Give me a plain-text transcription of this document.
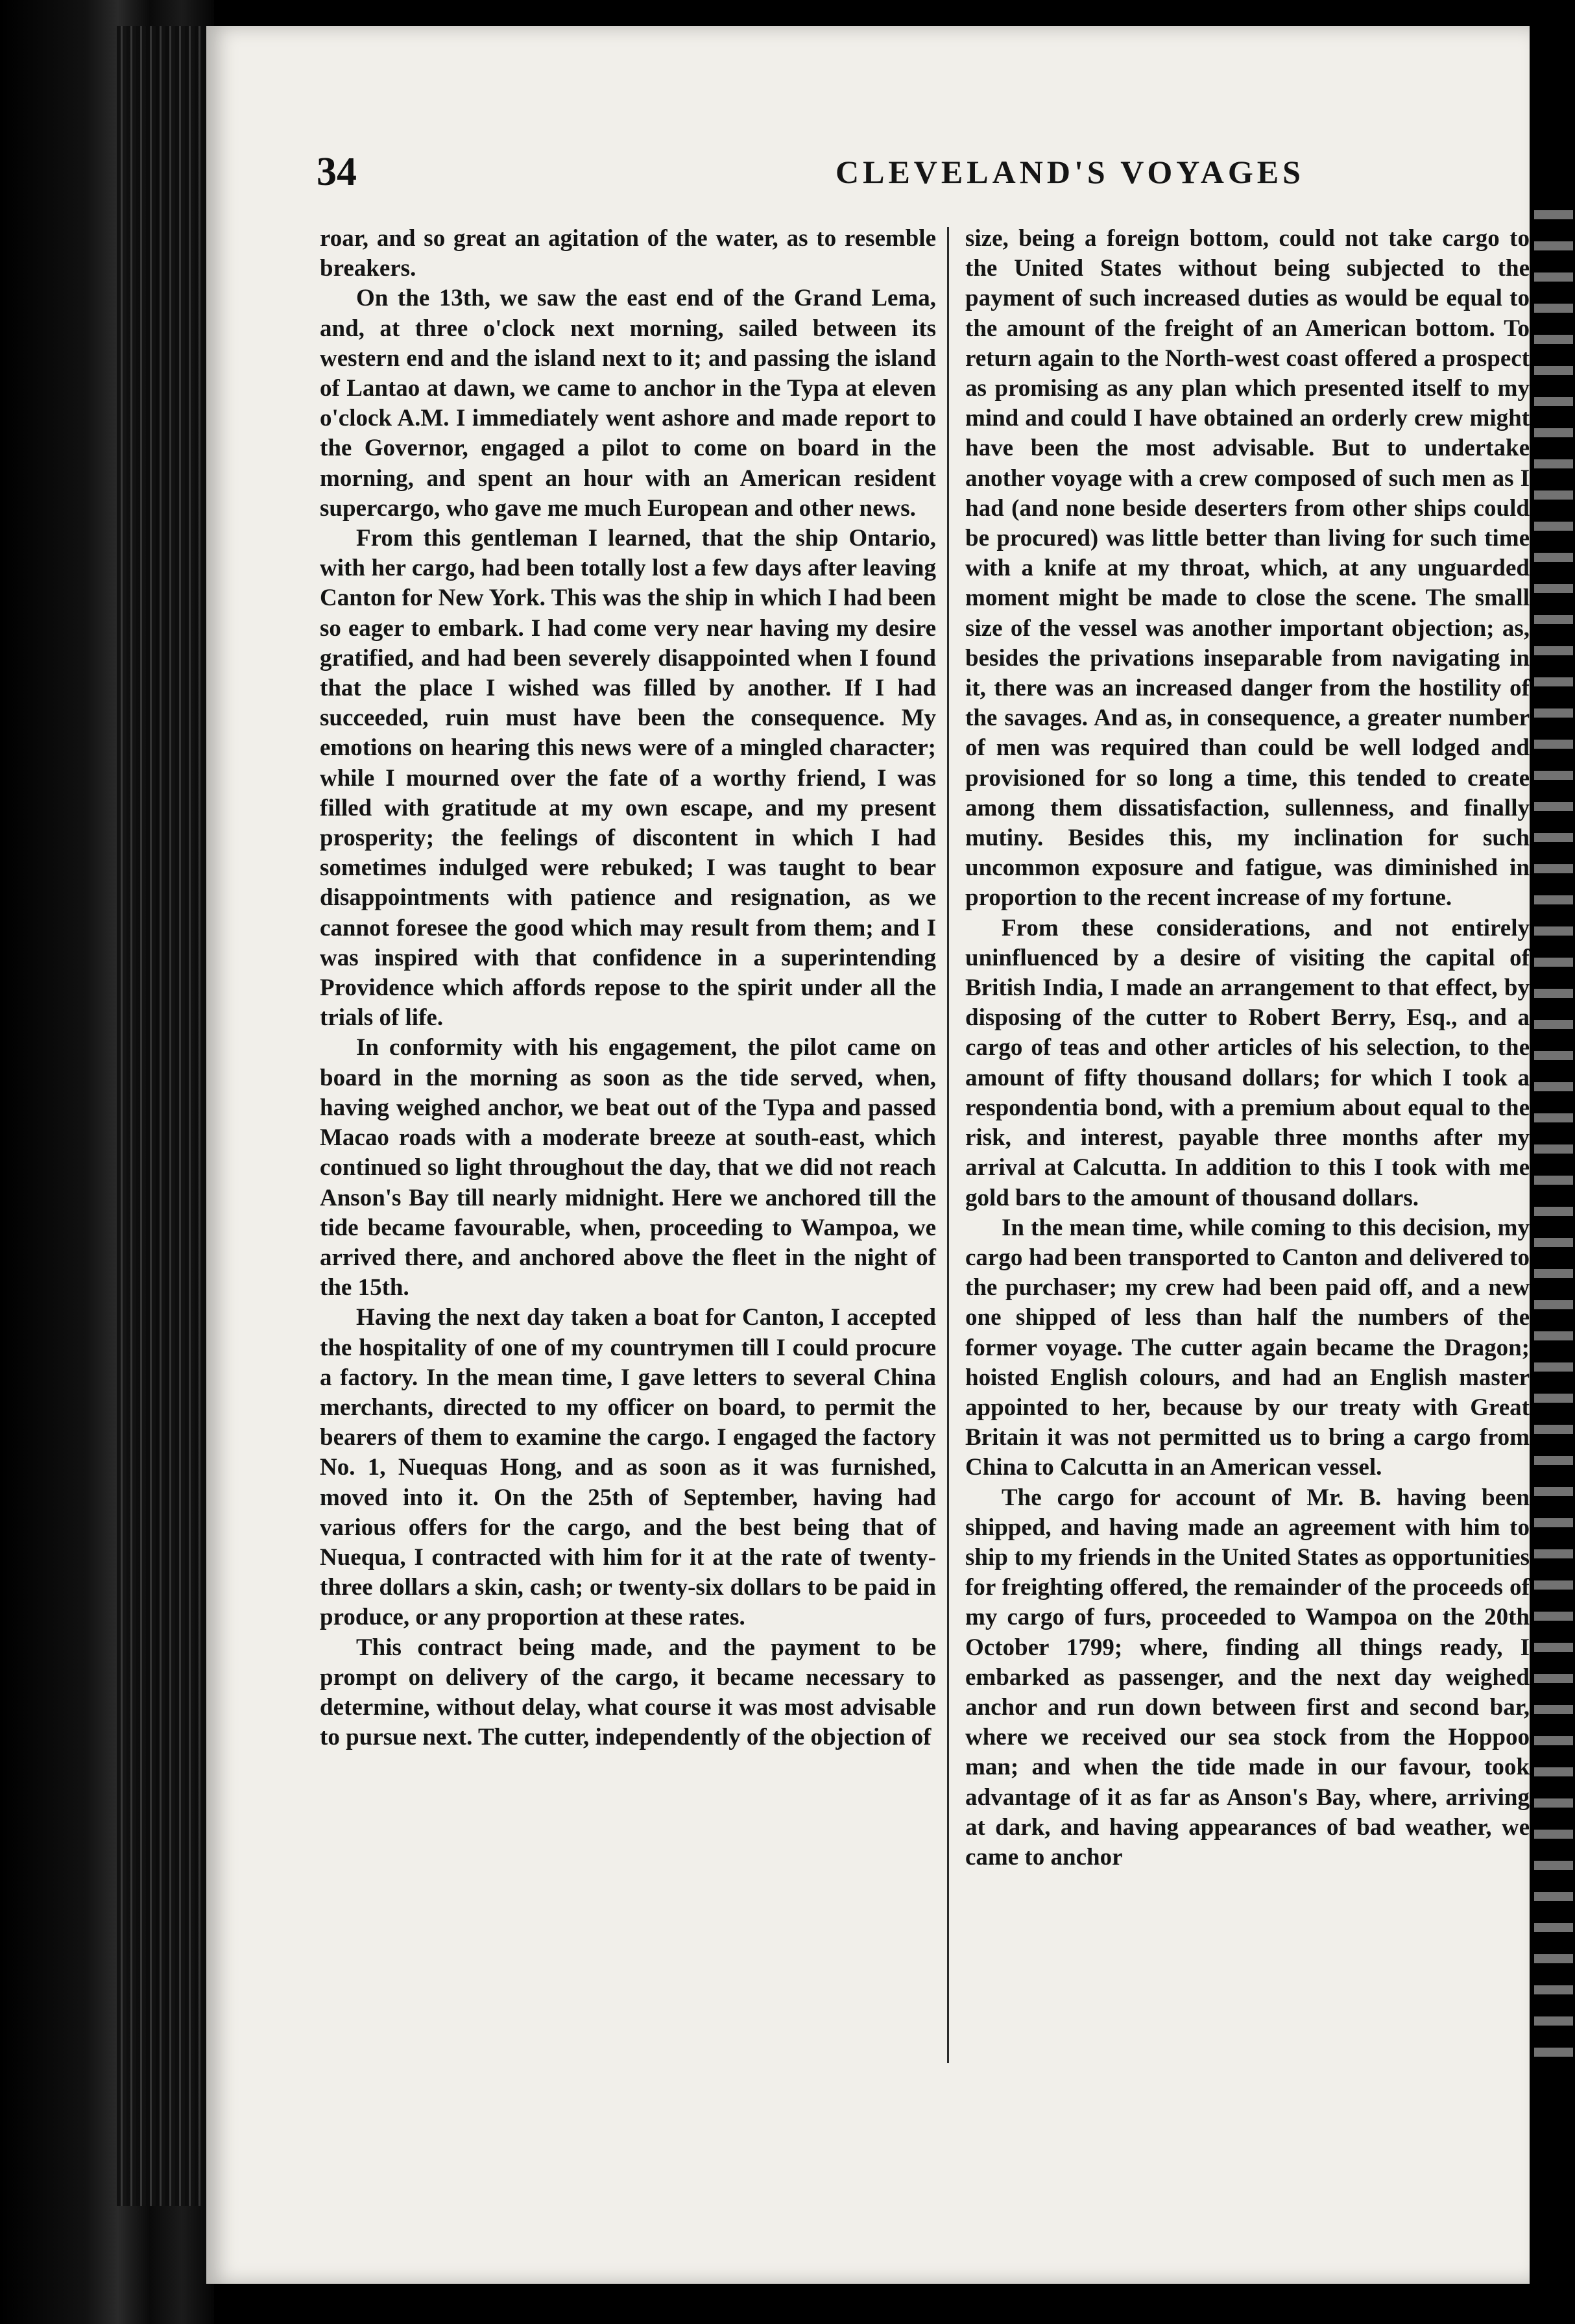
34	CLEVELAND'S VOYAGES

roar, and so great an agitation of the water, as to resemble breakers.

On the 13th, we saw the east end of the Grand Lema, and, at three o'clock next morning, sailed between its western end and the island next to it; and passing the island of Lantao at dawn, we came to anchor in the Typa at eleven o'clock A.M. I immediately went ashore and made report to the Governor, engaged a pilot to come on board in the morning, and spent an hour with an American resident supercargo, who gave me much European and other news.

From this gentleman I learned, that the ship Ontario, with her cargo, had been totally lost a few days after leaving Canton for New York. This was the ship in which I had been so eager to embark. I had come very near having my desire gratified, and had been severely disappointed when I found that the place I wished was filled by another. If I had succeeded, ruin must have been the consequence. My emotions on hearing this news were of a mingled character; while I mourned over the fate of a worthy friend, I was filled with gratitude at my own escape, and my present prosperity; the feelings of discontent in which I had sometimes indulged were rebuked; I was taught to bear disappointments with patience and resignation, as we cannot foresee the good which may result from them; and I was inspired with that confidence in a superintending Providence which affords repose to the spirit under all the trials of life.

In conformity with his engagement, the pilot came on board in the morning as soon as the tide served, when, having weighed anchor, we beat out of the Typa and passed Macao roads with a moderate breeze at south-east, which continued so light throughout the day, that we did not reach Anson's Bay till nearly midnight. Here we anchored till the tide became favourable, when, proceeding to Wampoa, we arrived there, and anchored above the fleet in the night of the 15th.

Having the next day taken a boat for Canton, I accepted the hospitality of one of my countrymen till I could procure a factory. In the mean time, I gave letters to several China merchants, directed to my officer on board, to permit the bearers of them to examine the cargo. I engaged the factory No. 1, Nuequas Hong, and as soon as it was furnished, moved into it. On the 25th of September, having had various offers for the cargo, and the best being that of Nuequa, I contracted with him for it at the rate of twenty-three dollars a skin, cash; or twenty-six dollars to be paid in produce, or any proportion at these rates.

This contract being made, and the payment to be prompt on delivery of the cargo, it became necessary to determine, without delay, what course it was most advisable to pursue next. The cutter, independently of the objection of

size, being a foreign bottom, could not take cargo to the United States without being subjected to the payment of such increased duties as would be equal to the amount of the freight of an American bottom. To return again to the North-west coast offered a prospect as promising as any plan which presented itself to my mind and could I have obtained an orderly crew might have been the most advisable. But to undertake another voyage with a crew composed of such men as I had (and none beside deserters from other ships could be procured) was little better than living for such time with a knife at my throat, which, at any unguarded moment might be made to close the scene. The small size of the vessel was another important objection; as, besides the privations inseparable from navigating in it, there was an increased danger from the hostility of the savages. And as, in consequence, a greater number of men was required than could be well lodged and provisioned for so long a time, this tended to create among them dissatisfaction, sullenness, and finally mutiny. Besides this, my inclination for such uncommon exposure and fatigue, was diminished in proportion to the recent increase of my fortune.

From these considerations, and not entirely uninfluenced by a desire of visiting the capital of British India, I made an arrangement to that effect, by disposing of the cutter to Robert Berry, Esq., and a cargo of teas and other articles of his selection, to the amount of fifty thousand dollars; for which I took a respondentia bond, with a premium about equal to the risk, and interest, payable three months after my arrival at Calcutta. In addition to this I took with me gold bars to the amount of thousand dollars.

In the mean time, while coming to this decision, my cargo had been transported to Canton and delivered to the purchaser; my crew had been paid off, and a new one shipped of less than half the numbers of the former voyage. The cutter again became the Dragon; hoisted English colours, and had an English master appointed to her, because by our treaty with Great Britain it was not permitted us to bring a cargo from China to Calcutta in an American vessel.

The cargo for account of Mr. B. having been shipped, and having made an agreement with him to ship to my friends in the United States as opportunities for freighting offered, the remainder of the proceeds of my cargo of furs, proceeded to Wampoa on the 20th October 1799; where, finding all things ready, I embarked as passenger, and the next day weighed anchor and run down between first and second bar, where we received our sea stock from the Hoppoo man; and when the tide made in our favour, took advantage of it as far as Anson's Bay, where, arriving at dark, and having appearances of bad weather, we came to anchor
